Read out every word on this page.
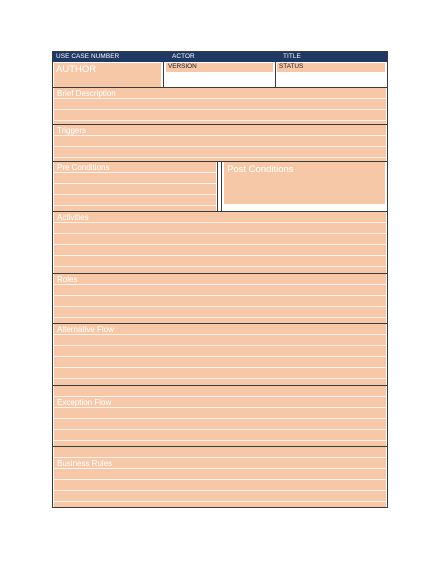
USE CASE NUMBER	ACTOR	TITLE
AUTHOR	VERSION	STATUS
Brief Description
Triggers
Pre Conditions	Post Conditions
Activities
Roles
Alternative Flow
Exception Flow
Business Rules
